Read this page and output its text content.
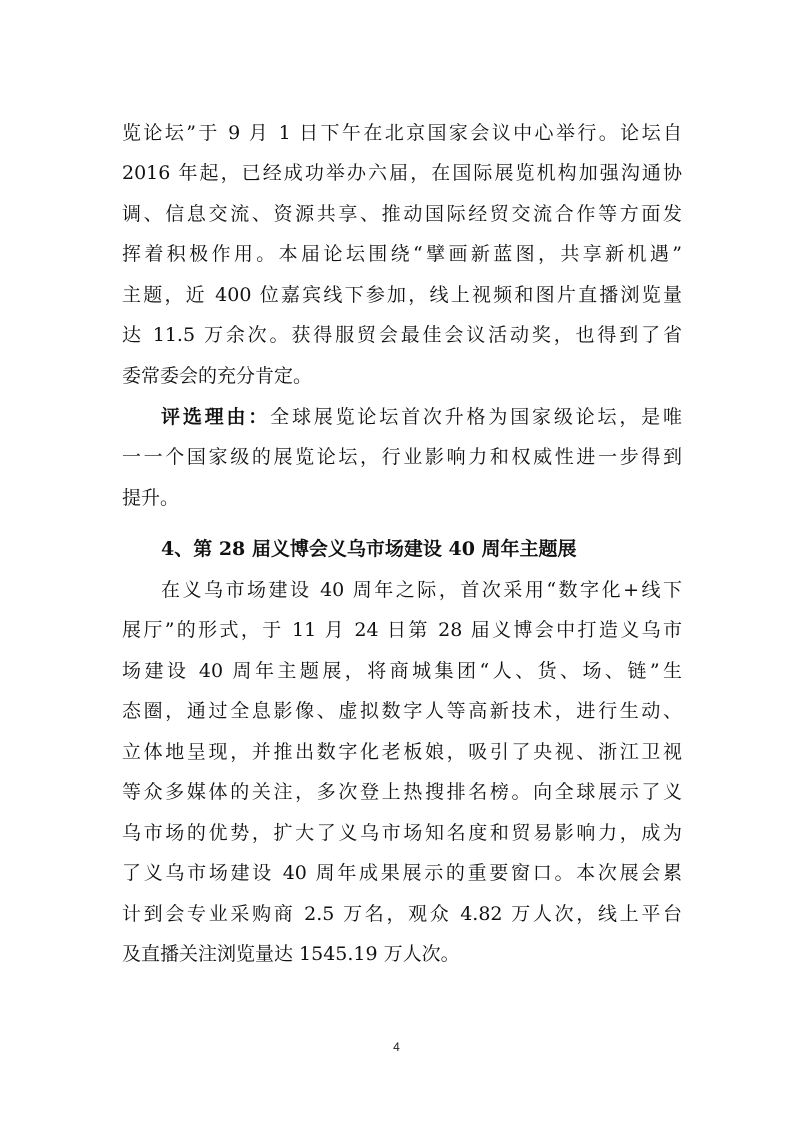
览论坛”于 9 月 1 日下午在北京国家会议中心举行。论坛自
2016 年起，已经成功举办六届，在国际展览机构加强沟通协
调、信息交流、资源共享、推动国际经贸交流合作等方面发
挥着积极作用。本届论坛围绕“擘画新蓝图，共享新机遇”
主题，近 400 位嘉宾线下参加，线上视频和图片直播浏览量
达 11.5 万余次。获得服贸会最佳会议活动奖，也得到了省
委常委会的充分肯定。
评选理由：全球展览论坛首次升格为国家级论坛，是唯
一一个国家级的展览论坛，行业影响力和权威性进一步得到
提升。
4、第 28 届义博会义乌市场建设 40 周年主题展
在义乌市场建设 40 周年之际，首次采用“数字化+线下
展厅”的形式，于 11 月 24 日第 28 届义博会中打造义乌市
场建设 40 周年主题展，将商城集团“人、货、场、链”生
态圈，通过全息影像、虚拟数字人等高新技术，进行生动、
立体地呈现，并推出数字化老板娘，吸引了央视、浙江卫视
等众多媒体的关注，多次登上热搜排名榜。向全球展示了义
乌市场的优势，扩大了义乌市场知名度和贸易影响力，成为
了义乌市场建设 40 周年成果展示的重要窗口。本次展会累
计到会专业采购商 2.5 万名，观众 4.82 万人次，线上平台
及直播关注浏览量达 1545.19 万人次。
4
